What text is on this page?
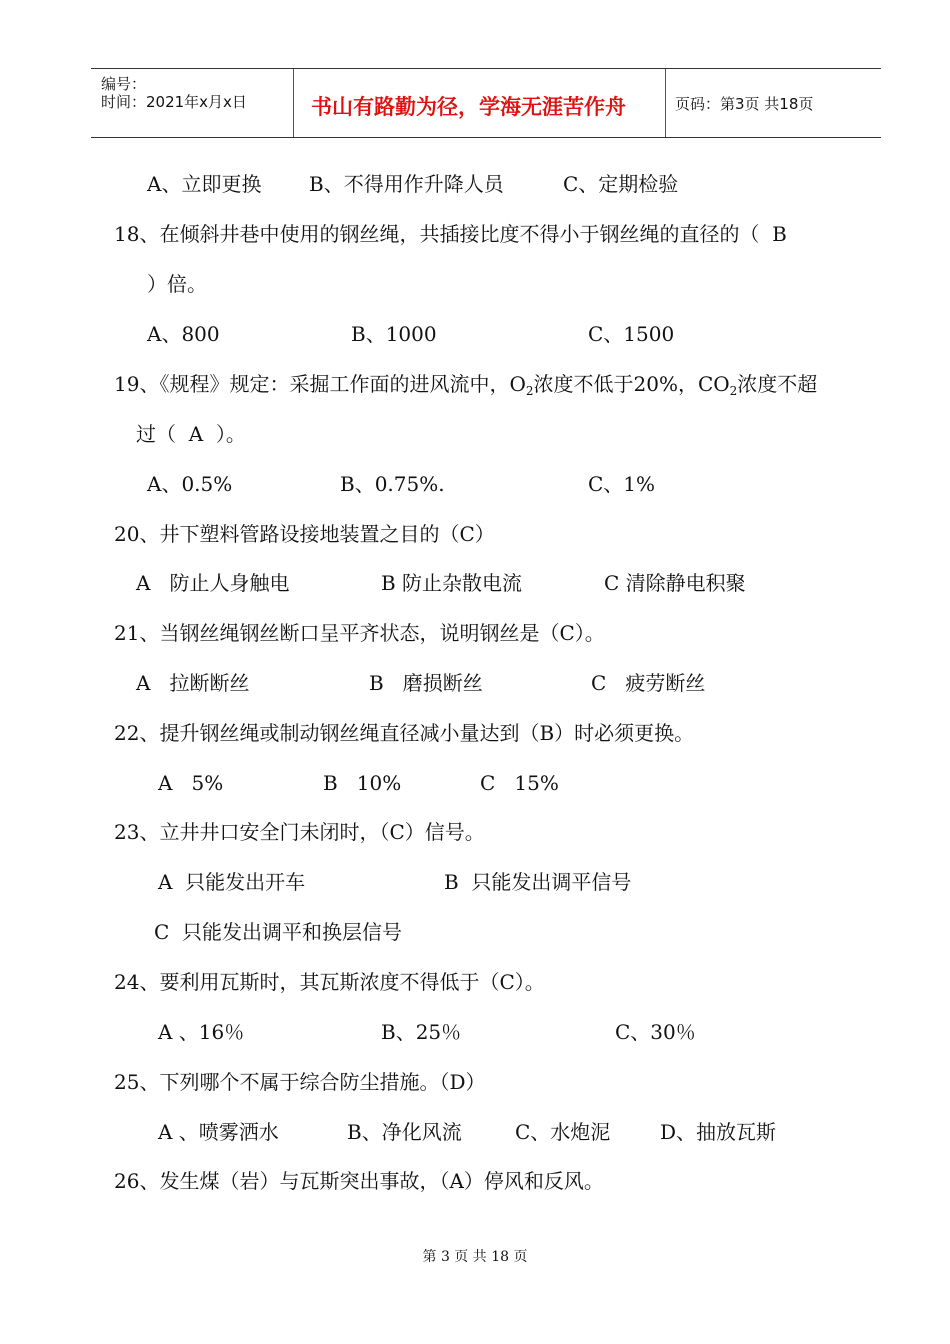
编号：
时间：2021年x月x日	书山有路勤为径，学海无涯苦作舟	页码：第3页 共18页
A、立即更换 B、不得用作升降人员	C、定期检验
18、在倾斜井巷中使用的钢丝绳，共插接比度不得小于钢丝绳的直径的（  B
）倍。
A、800	B、1000	C、1500
19、《规程》规定：采掘工作面的进风流中，$O_2$浓度不低于20%，$CO_2$浓度不超
过（  A  ）。
A、0.5%	B、0.75%.	C、1%
20、井下塑料管路设接地装置之目的（C）
A   防止人身触电	B 防止杂散电流	C 清除静电积聚
21、当钢丝绳钢丝断口呈平齐状态，说明钢丝是（C）。
A   拉断断丝	B   磨损断丝	C   疲劳断丝
22、提升钢丝绳或制动钢丝绳直径减小量达到（B）时必须更换。
A   5%	B   10%	C   15%
23、立井井口安全门未闭时，（C）信号。
A  只能发出开车	B  只能发出调平信号
C  只能发出调平和换层信号
24、要利用瓦斯时，其瓦斯浓度不得低于（C）。
A 、16％	B、25％	C、30％
25、下列哪个不属于综合防尘措施。（D）
A 、喷雾洒水	B、净化风流	C、水炮泥 D、抽放瓦斯
26、发生煤（岩）与瓦斯突出事故，（A）停风和反风。
第 3 页 共 18 页
